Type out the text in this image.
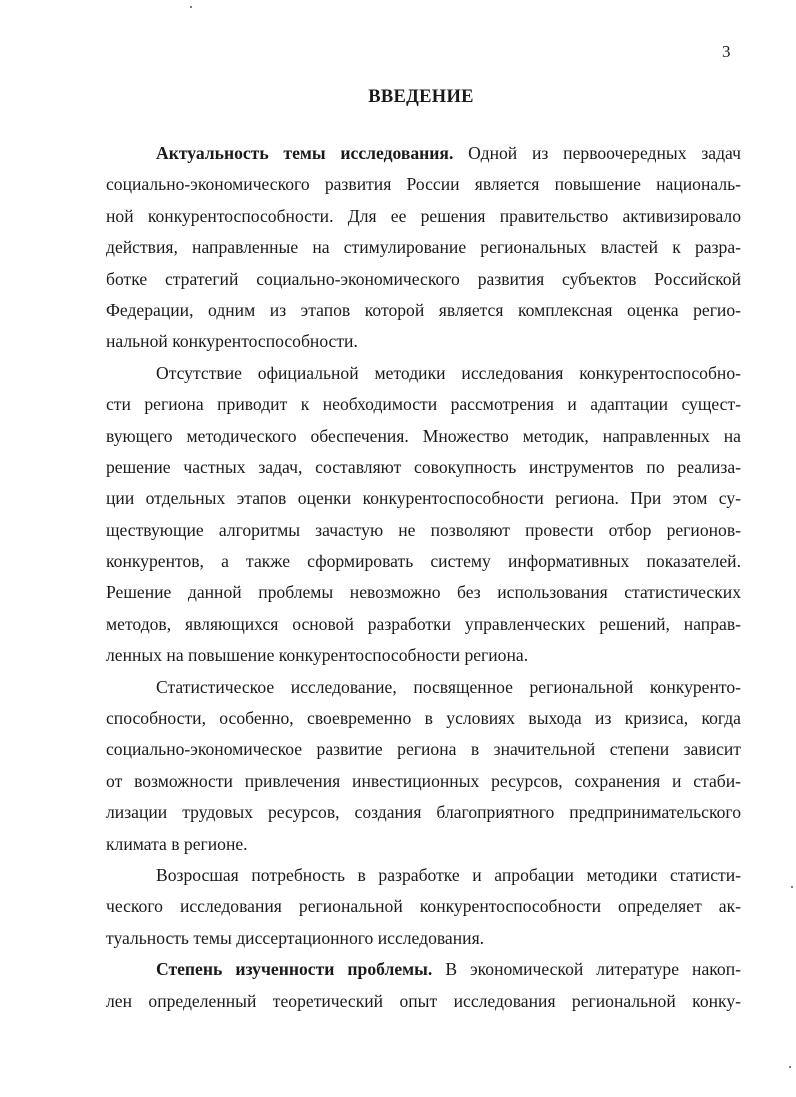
3
ВВЕДЕНИЕ
Актуальность темы исследования. Одной из первоочередных задач
социально-экономического развития России является повышение националь-
ной конкурентоспособности. Для ее решения правительство активизировало
действия, направленные на стимулирование региональных властей к разра-
ботке стратегий социально-экономического развития субъектов Российской
Федерации, одним из этапов которой является комплексная оценка регио-
нальной конкурентоспособности.
Отсутствие официальной методики исследования конкурентоспособно-
сти региона приводит к необходимости рассмотрения и адаптации сущест-
вующего методического обеспечения. Множество методик, направленных на
решение частных задач, составляют совокупность инструментов по реализа-
ции отдельных этапов оценки конкурентоспособности региона. При этом су-
ществующие алгоритмы зачастую не позволяют провести отбор регионов-
конкурентов, а также сформировать систему информативных показателей.
Решение данной проблемы невозможно без использования статистических
методов, являющихся основой разработки управленческих решений, направ-
ленных на повышение конкурентоспособности региона.
Статистическое исследование, посвященное региональной конкуренто-
способности, особенно, своевременно в условиях выхода из кризиса, когда
социально-экономическое развитие региона в значительной степени зависит
от возможности привлечения инвестиционных ресурсов, сохранения и стаби-
лизации трудовых ресурсов, создания благоприятного предпринимательского
климата в регионе.
Возросшая потребность в разработке и апробации методики статисти-
ческого исследования региональной конкурентоспособности определяет ак-
туальность темы диссертационного исследования.
Степень изученности проблемы. В экономической литературе накоп-
лен определенный теоретический опыт исследования региональной конку-
